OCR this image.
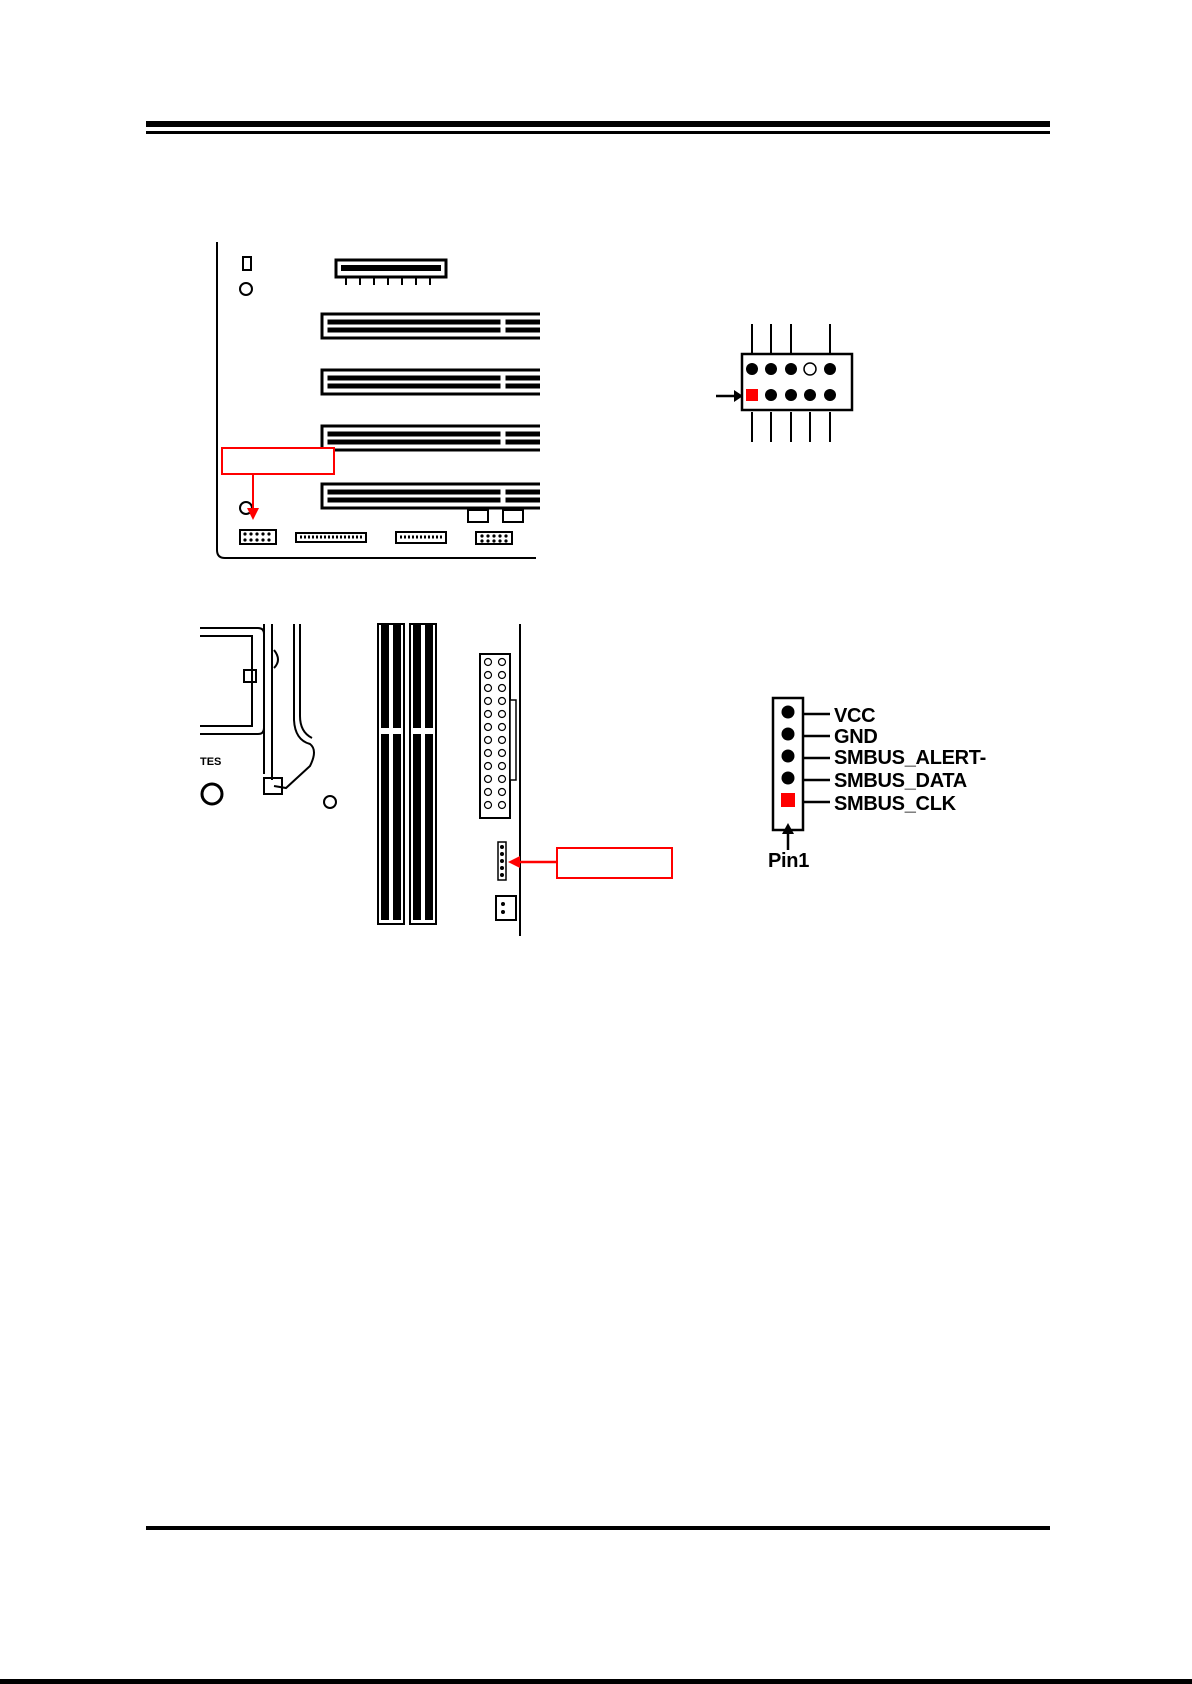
TES
VCC
GND
SMBUS_ALERT-
SMBUS_DATA
SMBUS_CLK
Pin1
